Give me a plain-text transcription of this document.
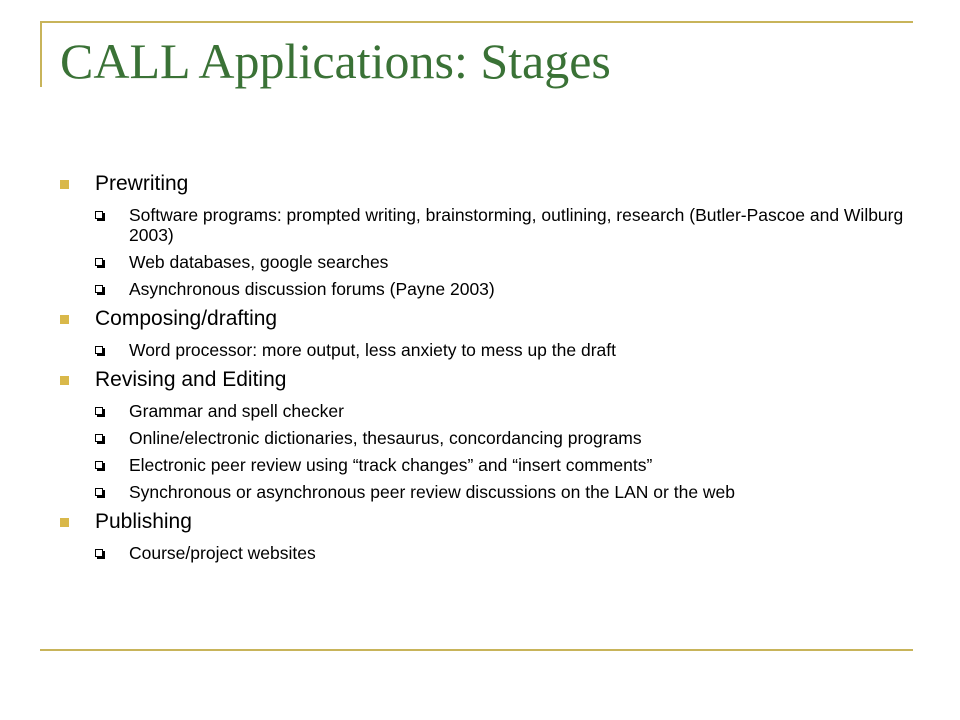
CALL Applications: Stages
Prewriting
Software programs: prompted writing, brainstorming, outlining, research (Butler-Pascoe and Wilburg 2003)
Web databases, google searches
Asynchronous discussion forums (Payne 2003)
Composing/drafting
Word processor: more output, less anxiety to mess up the draft
Revising and Editing
Grammar and spell checker
Online/electronic dictionaries, thesaurus, concordancing programs
Electronic peer review using “track changes” and “insert comments”
Synchronous or asynchronous peer review discussions on the LAN or the web
Publishing
Course/project websites
